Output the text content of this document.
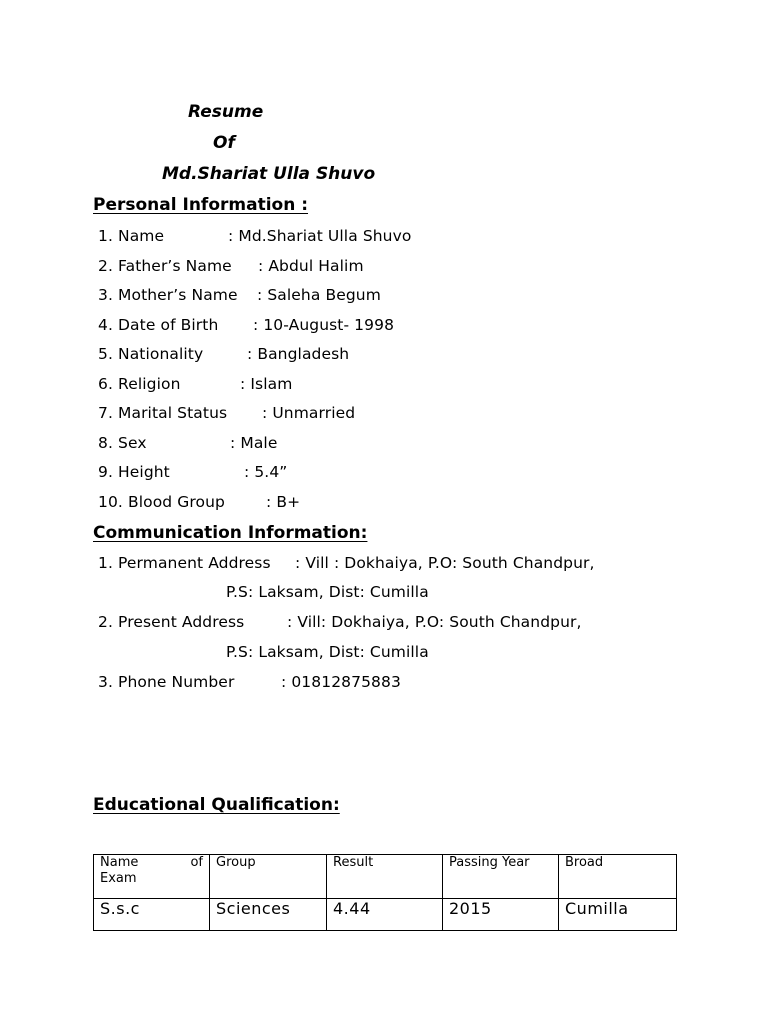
Resume
Of
Md.Shariat Ulla Shuvo
Personal Information :
1. Name	: Md.Shariat Ulla Shuvo
2. Father’s Name : Abdul Halim
3. Mother’s Name : Saleha Begum
4. Date of Birth : 10-August- 1998
5. Nationality	: Bangladesh
6. Religion	: Islam
7. Marital Status : Unmarried
8. Sex	: Male
9. Height	: 5.4”
10. Blood Group	: B+
Communication Information:
1. Permanent Address : Vill : Dokhaiya, P.O: South Chandpur,
P.S: Laksam, Dist: Cumilla
2. Present Address	: Vill: Dokhaiya, P.O: South Chandpur,
P.S: Laksam, Dist: Cumilla
3. Phone Number	: 01812875883
Educational Qualification:
Name of
Exam	Group	Result	Passing Year	Broad
S.s.c	Sciences	4.44	2015	Cumilla
